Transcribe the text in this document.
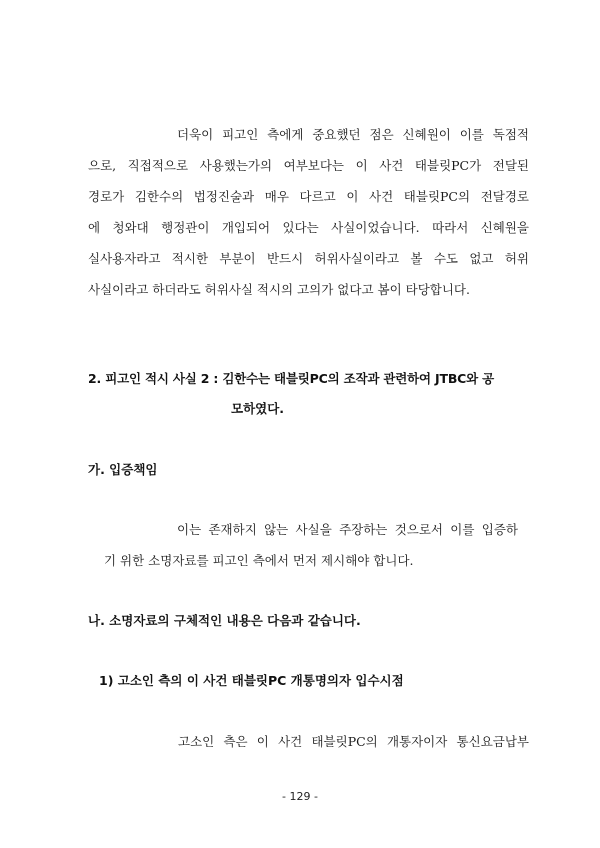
더욱이 피고인 측에게 중요했던 점은 신혜원이 이를 독점적
으로, 직접적으로 사용했는가의 여부보다는 이 사건 태블릿PC가 전달된
경로가 김한수의 법정진술과 매우 다르고 이 사건 태블릿PC의 전달경로
에 청와대 행정관이 개입되어 있다는 사실이었습니다. 따라서 신혜원을
실사용자라고 적시한 부분이 반드시 허위사실이라고 볼 수도 없고 허위
사실이라고 하더라도 허위사실 적시의 고의가 없다고 봄이 타당합니다.
2. 피고인 적시 사실 2 : 김한수는 태블릿PC의 조작과 관련하여 JTBC와 공
모하였다.
가. 입증책임
이는 존재하지 않는 사실을 주장하는 것으로서 이를 입증하
기 위한 소명자료를 피고인 측에서 먼저 제시해야 합니다.
나. 소명자료의 구체적인 내용은 다음과 같습니다.
1) 고소인 측의 이 사건 태블릿PC 개통명의자 입수시점
고소인 측은 이 사건 태블릿PC의 개통자이자 통신요금납부
- 129 -
